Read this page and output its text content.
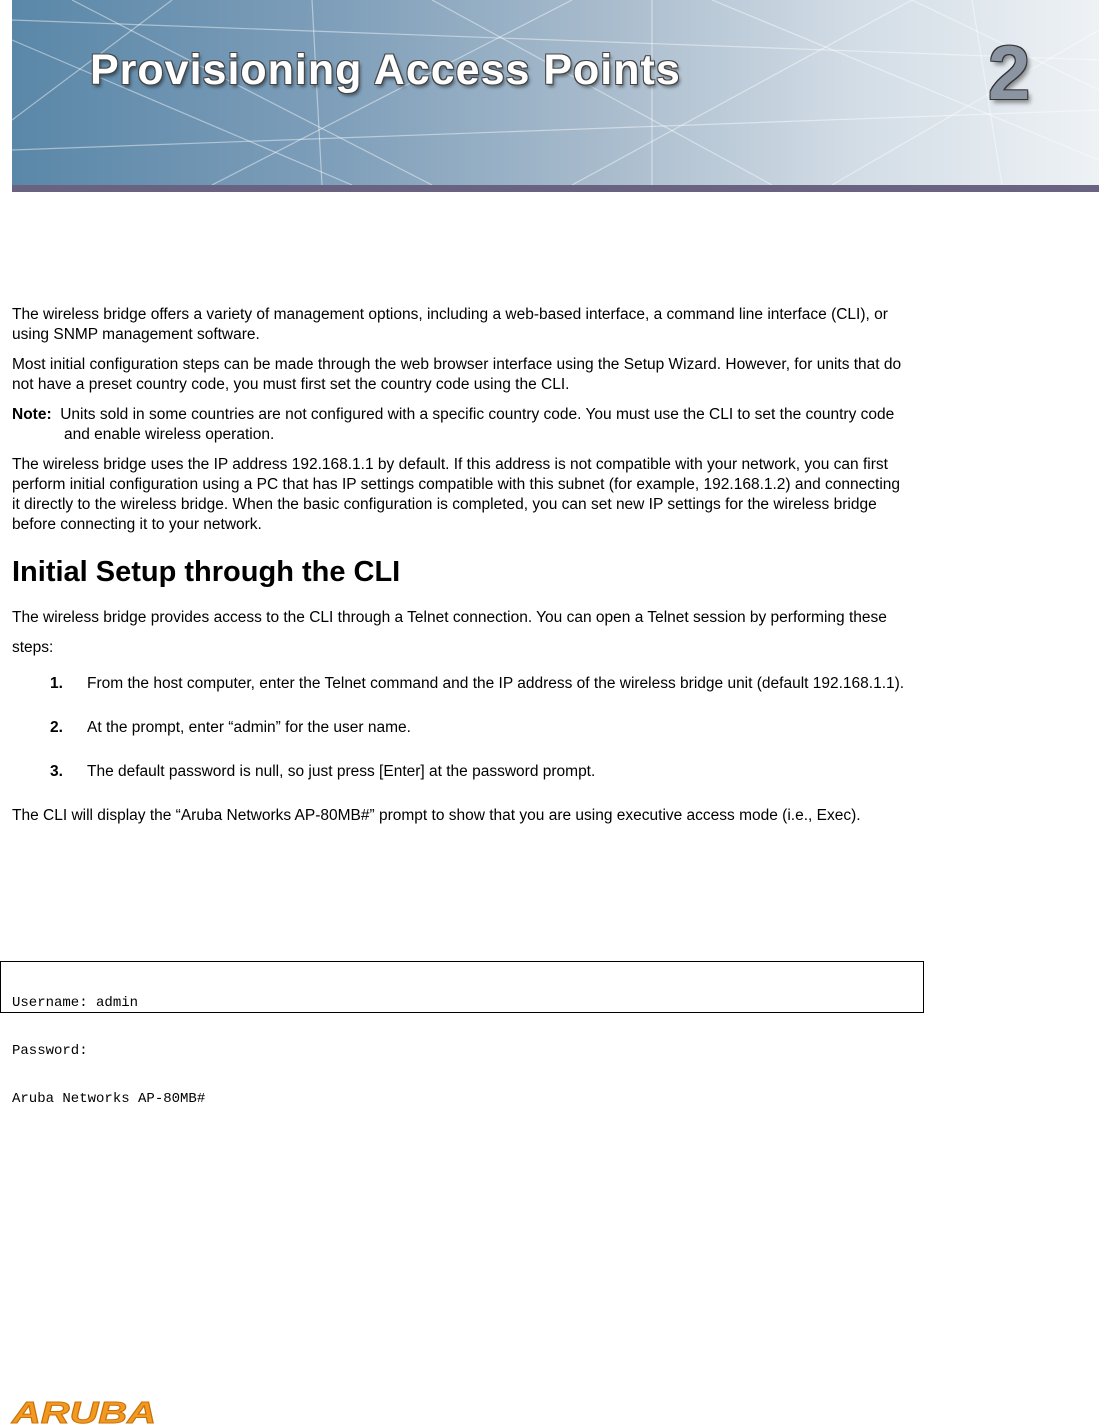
Provisioning Access Points	2

The wireless bridge offers a variety of management options, including a web-based interface, a command line interface (CLI), or using SNMP management software.

Most initial configuration steps can be made through the web browser interface using the Setup Wizard. However, for units that do not have a preset country code, you must first set the country code using the CLI.

Note: Units sold in some countries are not configured with a specific country code. You must use the CLI to set the country code and enable wireless operation.

The wireless bridge uses the IP address 192.168.1.1 by default. If this address is not compatible with your network, you can first perform initial configuration using a PC that has IP settings compatible with this subnet (for example, 192.168.1.2) and connecting it directly to the wireless bridge. When the basic configuration is completed, you can set new IP settings for the wireless bridge before connecting it to your network.

Initial Setup through the CLI

The wireless bridge provides access to the CLI through a Telnet connection. You can open a Telnet session by performing these steps:

1.	From the host computer, enter the Telnet command and the IP address of the wireless bridge unit (default 192.168.1.1).
2.	At the prompt, enter “admin” for the user name.
3.	The default password is null, so just press [Enter] at the password prompt.

The CLI will display the “Aruba Networks AP-80MB#” prompt to show that you are using executive access mode (i.e., Exec).

Username: admin

Password:

Aruba Networks AP-80MB#

ARUBA
